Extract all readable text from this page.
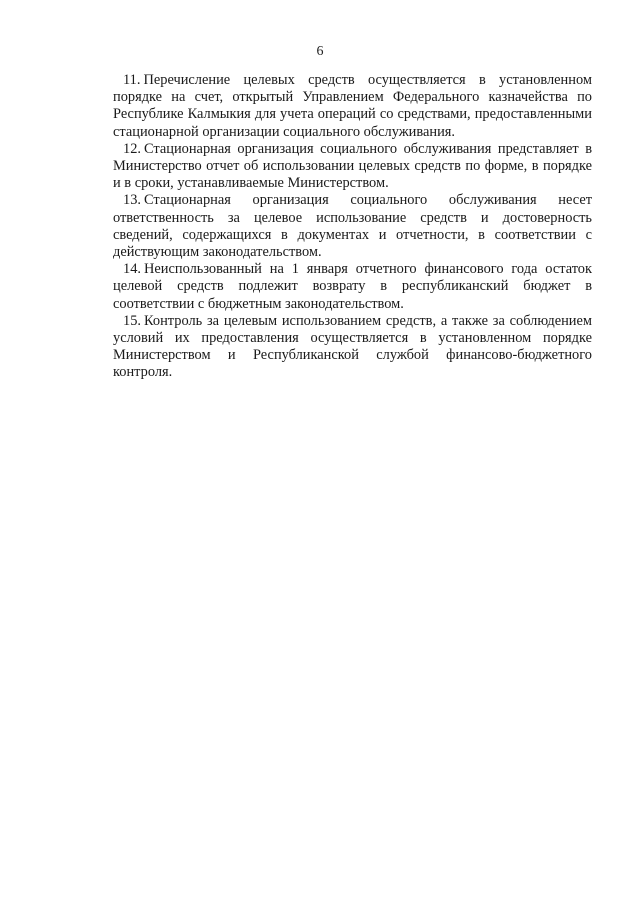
6

11. Перечисление целевых средств осуществляется в установленном порядке на счет, открытый Управлением Федерального казначейства по Республике Калмыкия для учета операций со средствами, предоставленными стационарной организации социального обслуживания.

12. Стационарная организация социального обслуживания представляет в Министерство отчет об использовании целевых средств по форме, в порядке и в сроки, устанавливаемые Министерством.

13. Стационарная организация социального обслуживания несет ответственность за целевое использование средств и достоверность сведений, содержащихся в документах и отчетности, в соответствии с действующим законодательством.

14. Неиспользованный на 1 января отчетного финансового года остаток целевой средств подлежит возврату в республиканский бюджет в соответствии с бюджетным законодательством.

15. Контроль за целевым использованием средств, а также за соблюдением условий их предоставления осуществляется в установленном порядке Министерством и Республиканской службой финансово-бюджетного контроля.
